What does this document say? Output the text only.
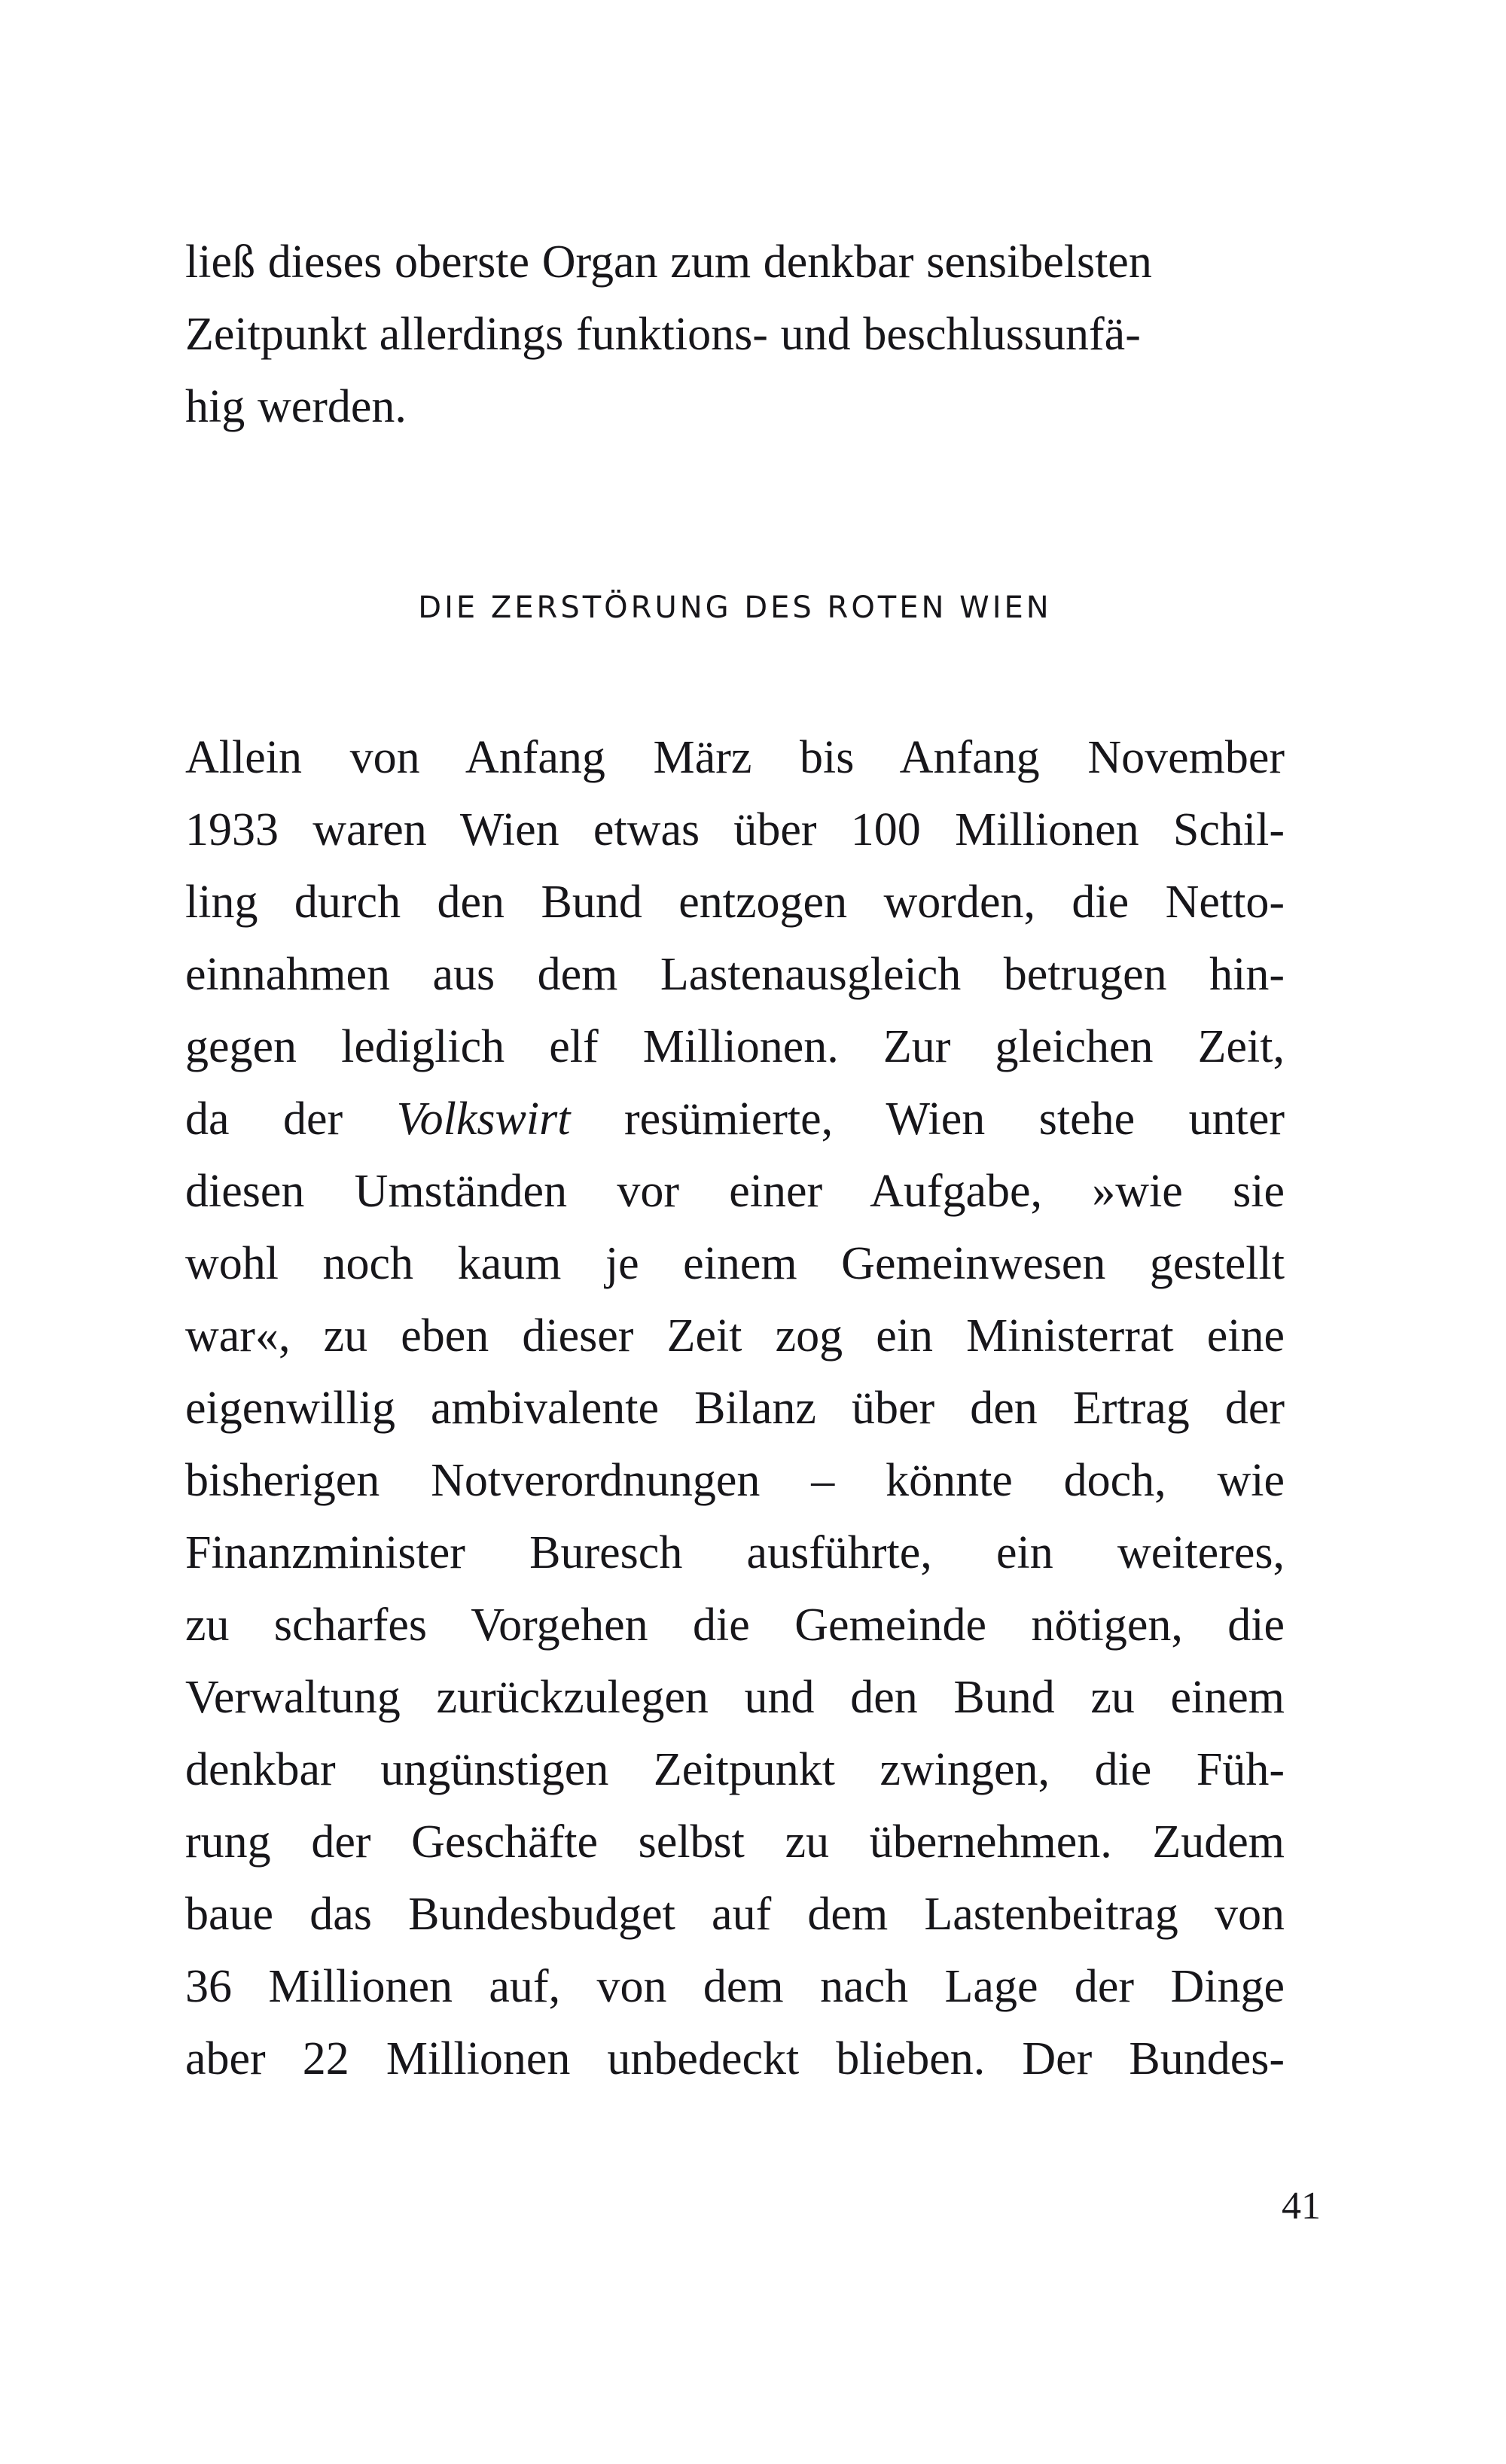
ließ dieses oberste Organ zum denkbar sensibelsten
Zeitpunkt allerdings funktions- und beschlussunfä-
hig werden.

DIE ZERSTÖRUNG DES ROTEN WIEN

Allein von Anfang März bis Anfang November
1933 waren Wien etwas über 100 Millionen Schil-
ling durch den Bund entzogen worden, die Netto-
einnahmen aus dem Lastenausgleich betrugen hin-
gegen lediglich elf Millionen. Zur gleichen Zeit,
da der Volkswirt resümierte, Wien stehe unter
diesen Umständen vor einer Aufgabe, »wie sie
wohl noch kaum je einem Gemeinwesen gestellt
war«, zu eben dieser Zeit zog ein Ministerrat eine
eigenwillig ambivalente Bilanz über den Ertrag der
bisherigen Notverordnungen – könnte doch, wie
Finanzminister Buresch ausführte, ein weiteres,
zu scharfes Vorgehen die Gemeinde nötigen, die
Verwaltung zurückzulegen und den Bund zu einem
denkbar ungünstigen Zeitpunkt zwingen, die Füh-
rung der Geschäfte selbst zu übernehmen. Zudem
baue das Bundesbudget auf dem Lastenbeitrag von
36 Millionen auf, von dem nach Lage der Dinge
aber 22 Millionen unbedeckt blieben. Der Bundes-

41
